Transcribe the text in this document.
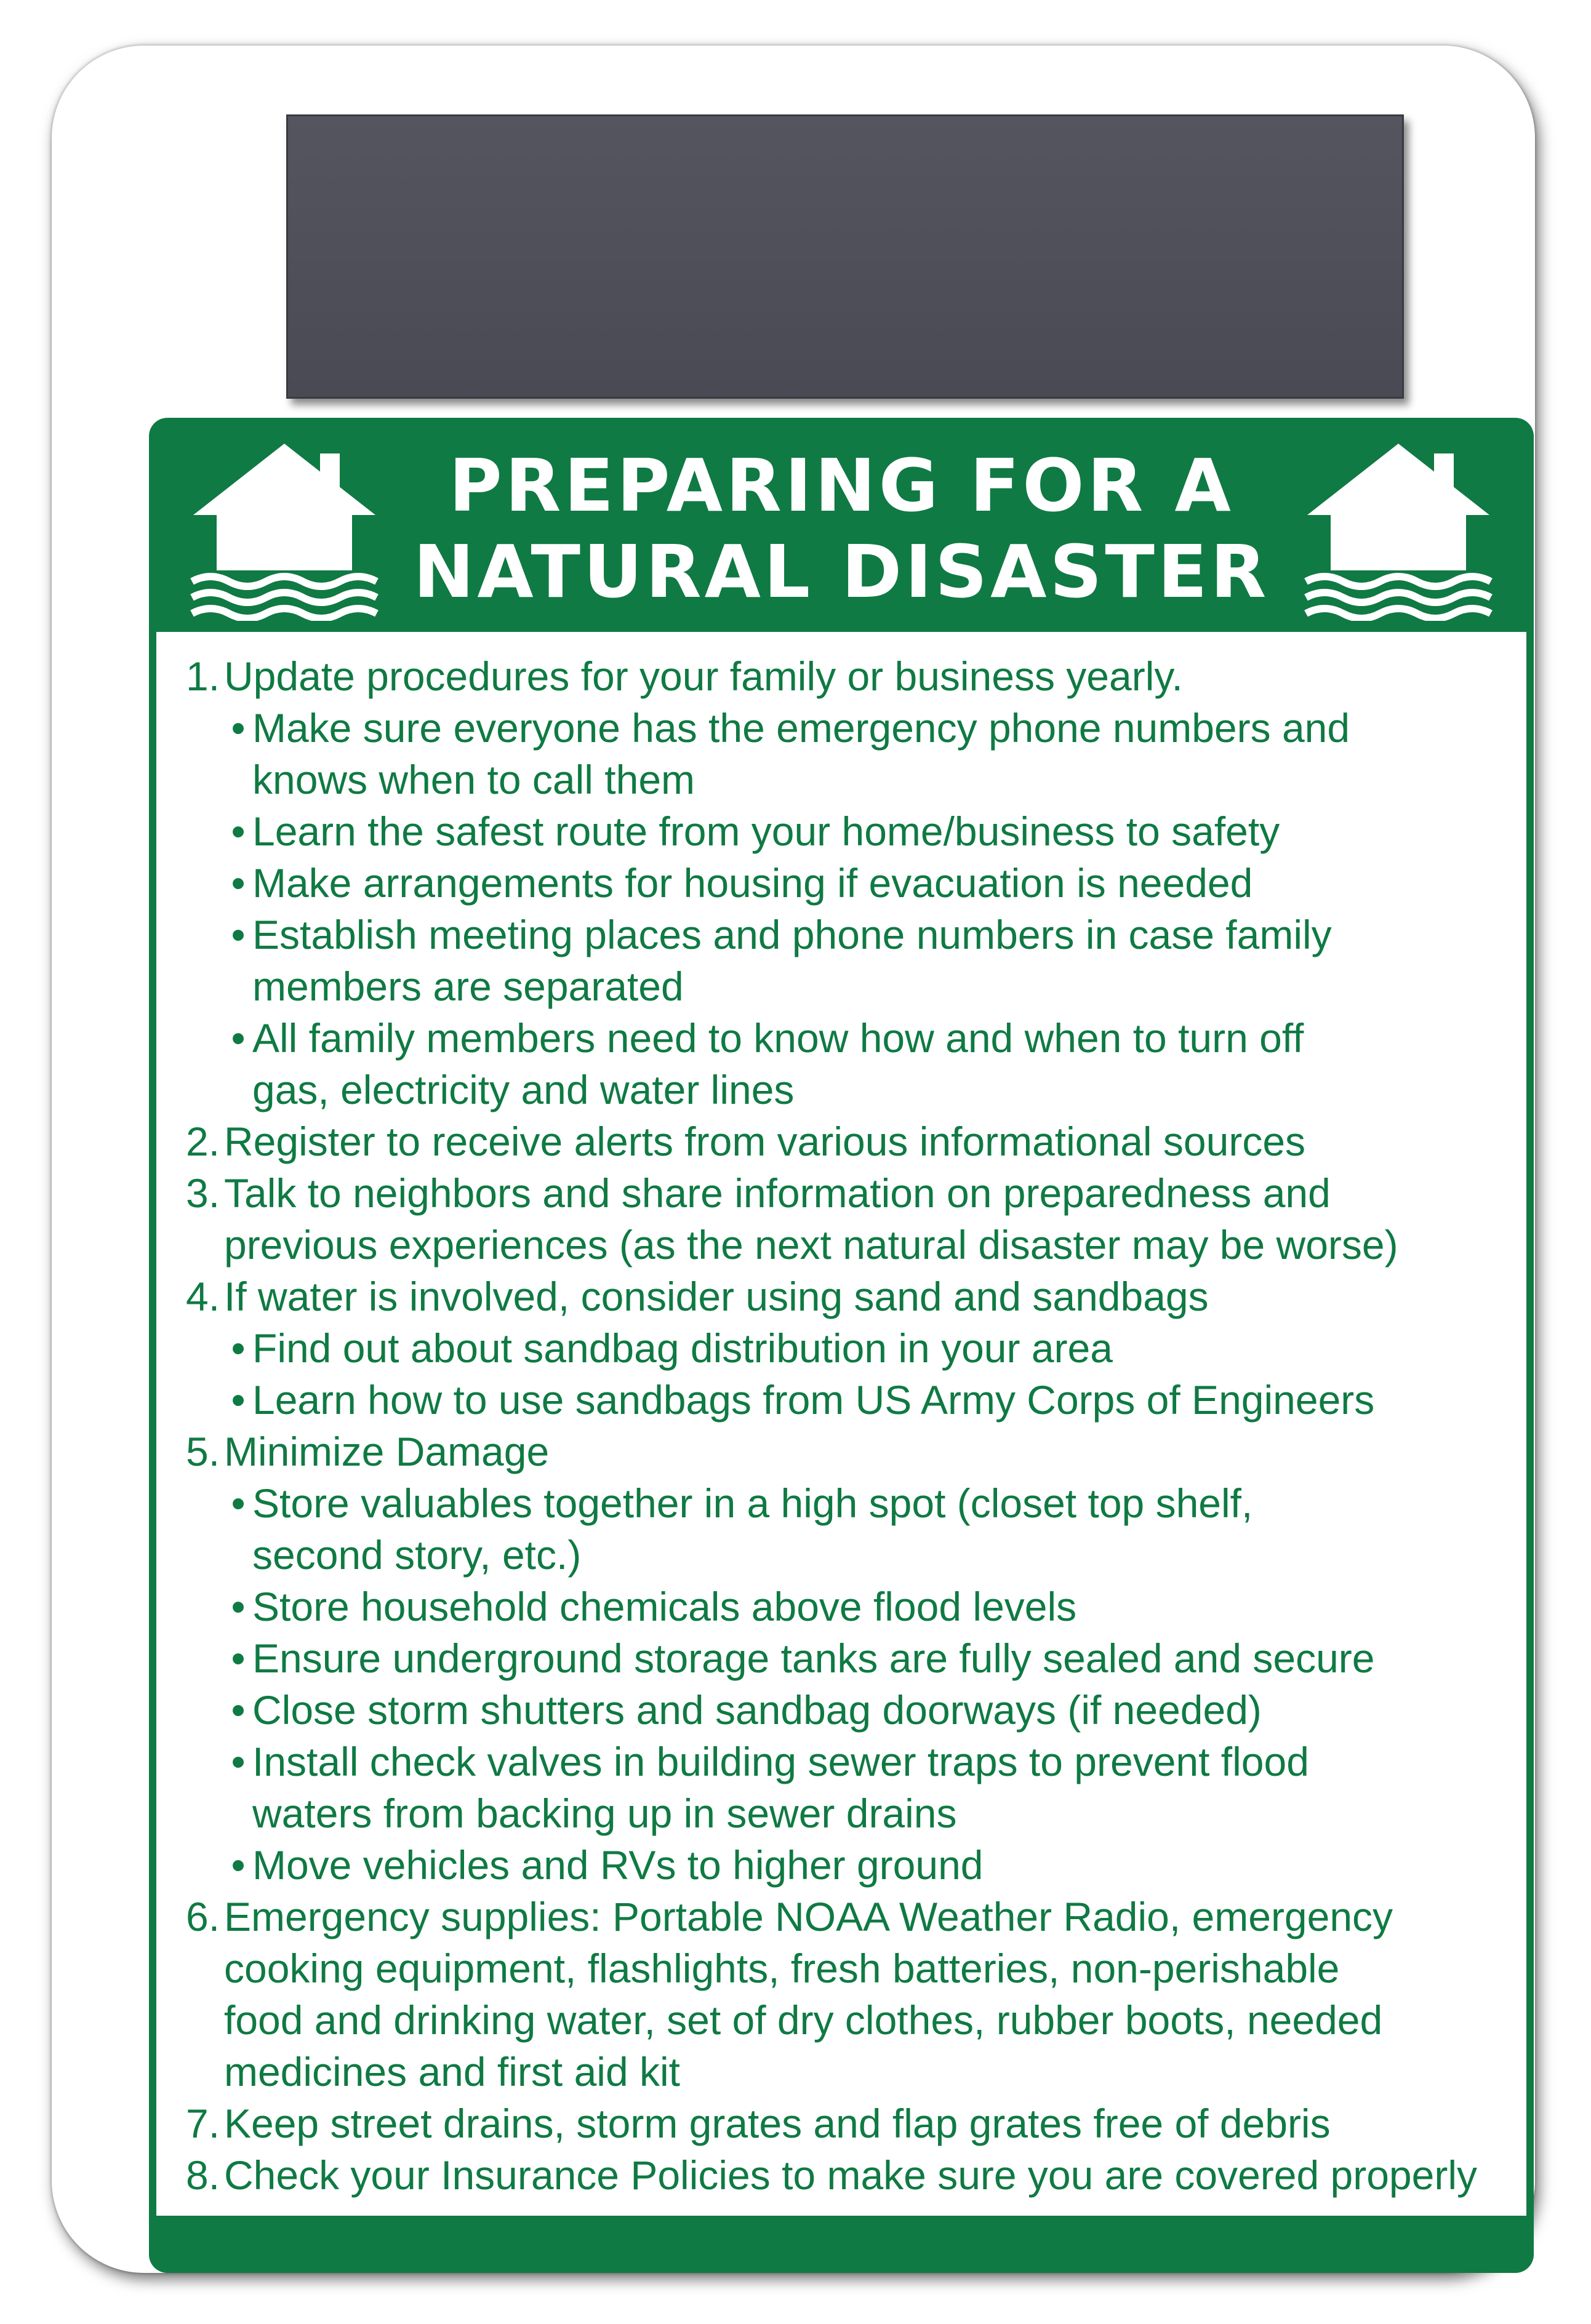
PREPARING FOR A
NATURAL DISASTER
1. Update procedures for your family or business yearly.
• Make sure everyone has the emergency phone numbers and
knows when to call them
• Learn the safest route from your home/business to safety
• Make arrangements for housing if evacuation is needed
• Establish meeting places and phone numbers in case family
members are separated
• All family members need to know how and when to turn off
gas, electricity and water lines
2. Register to receive alerts from various informational sources
3. Talk to neighbors and share information on preparedness and
previous experiences (as the next natural disaster may be worse)
4. If water is involved, consider using sand and sandbags
• Find out about sandbag distribution in your area
• Learn how to use sandbags from US Army Corps of Engineers
5. Minimize Damage
• Store valuables together in a high spot (closet top shelf,
second story, etc.)
• Store household chemicals above flood levels
• Ensure underground storage tanks are fully sealed and secure
• Close storm shutters and sandbag doorways (if needed)
• Install check valves in building sewer traps to prevent flood
waters from backing up in sewer drains
• Move vehicles and RVs to higher ground
6. Emergency supplies: Portable NOAA Weather Radio, emergency
cooking equipment, flashlights, fresh batteries, non-perishable
food and drinking water, set of dry clothes, rubber boots, needed
medicines and first aid kit
7. Keep street drains, storm grates and flap grates free of debris
8. Check your Insurance Policies to make sure you are covered properly
